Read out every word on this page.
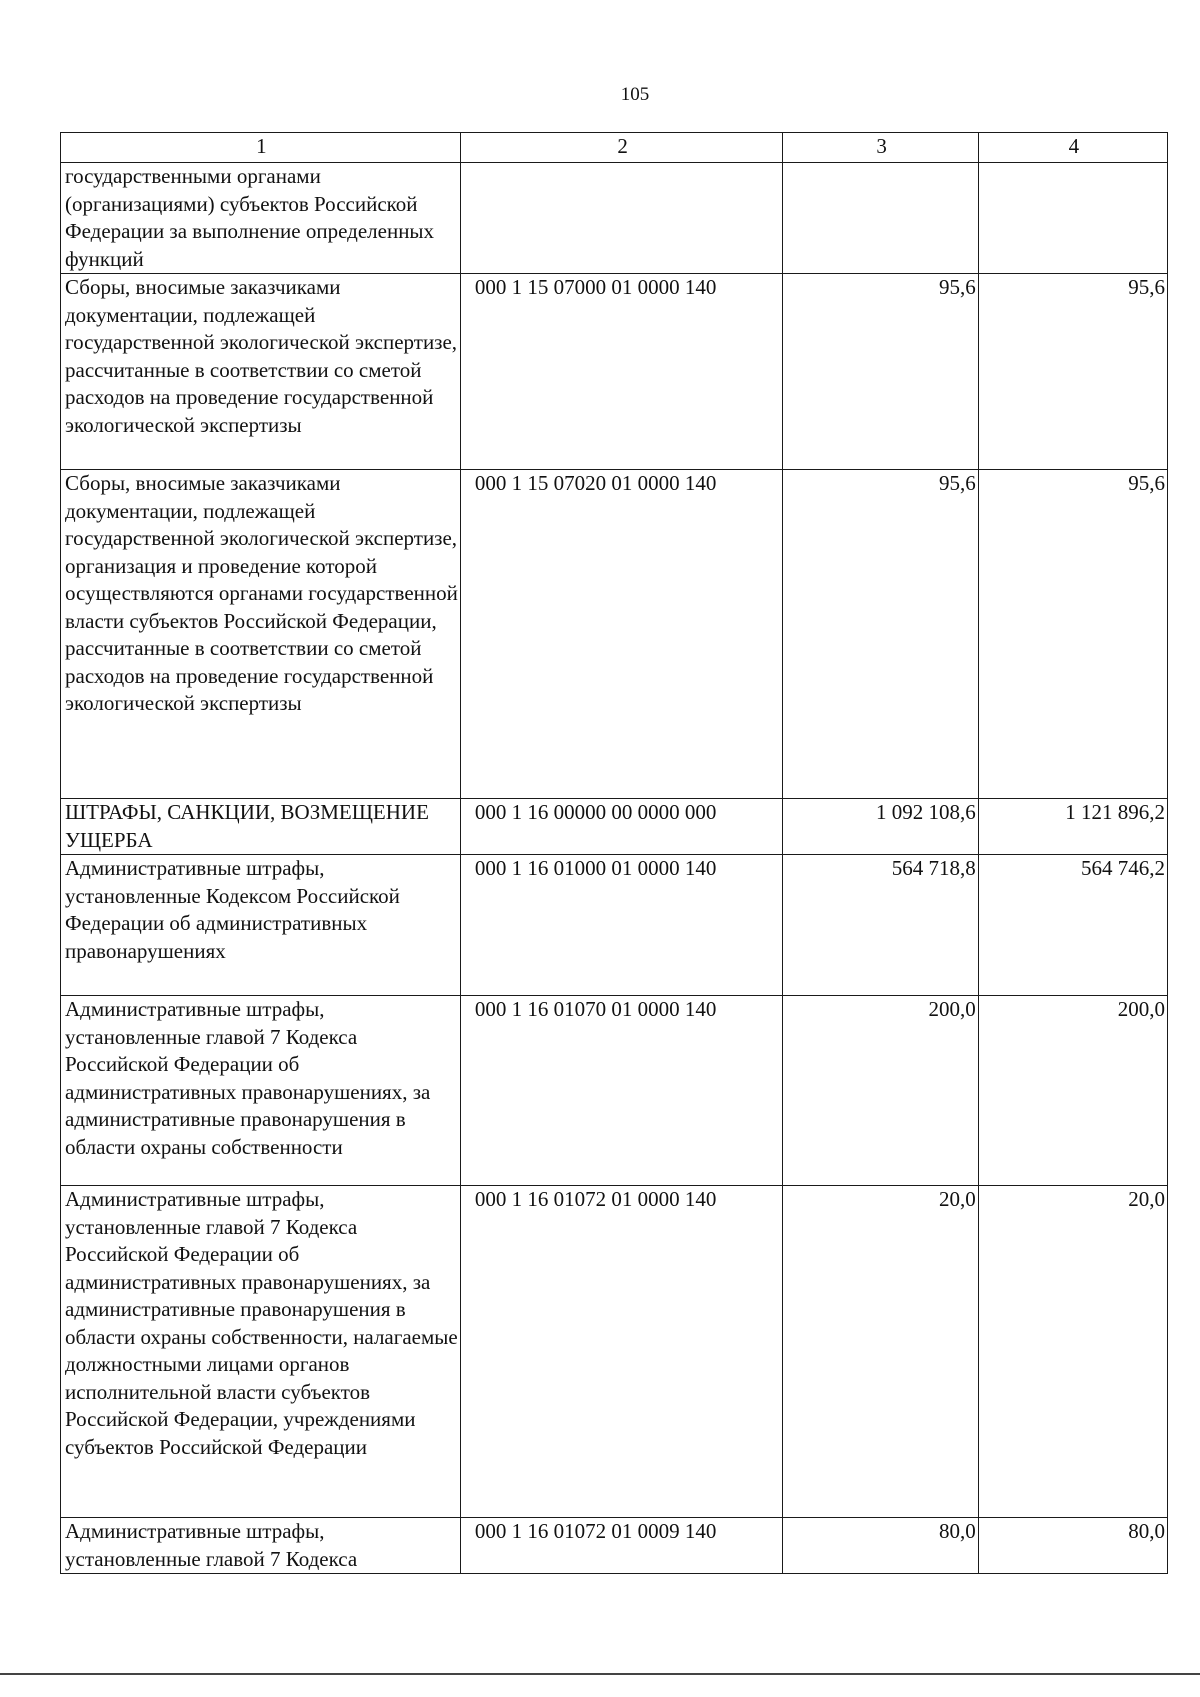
105
1	2	3	4
государственными органами (организациями) субъектов Российской Федерации за выполнение определенных функций			
Сборы, вносимые заказчиками документации, подлежащей государственной экологической экспертизе, рассчитанные в соответствии со сметой расходов на проведение государственной экологической экспертизы	000 1 15 07000 01 0000 140	95,6	95,6
Сборы, вносимые заказчиками документации, подлежащей государственной экологической экспертизе, организация и проведение которой осуществляются органами государственной власти субъектов Российской Федерации, рассчитанные в соответствии со сметой расходов на проведение государственной экологической экспертизы	000 1 15 07020 01 0000 140	95,6	95,6
ШТРАФЫ, САНКЦИИ, ВОЗМЕЩЕНИЕ УЩЕРБА	000 1 16 00000 00 0000 000	1 092 108,6	1 121 896,2
Административные штрафы, установленные Кодексом Российской Федерации об административных правонарушениях	000 1 16 01000 01 0000 140	564 718,8	564 746,2
Административные штрафы, установленные главой 7 Кодекса Российской Федерации об административных правонарушениях, за административные правонарушения в области охраны собственности	000 1 16 01070 01 0000 140	200,0	200,0
Административные штрафы, установленные главой 7 Кодекса Российской Федерации об административных правонарушениях, за административные правонарушения в области охраны собственности, налагаемые должностными лицами органов исполнительной власти субъектов Российской Федерации, учреждениями субъектов Российской Федерации	000 1 16 01072 01 0000 140	20,0	20,0
Административные штрафы, установленные главой 7 Кодекса	000 1 16 01072 01 0009 140	80,0	80,0
